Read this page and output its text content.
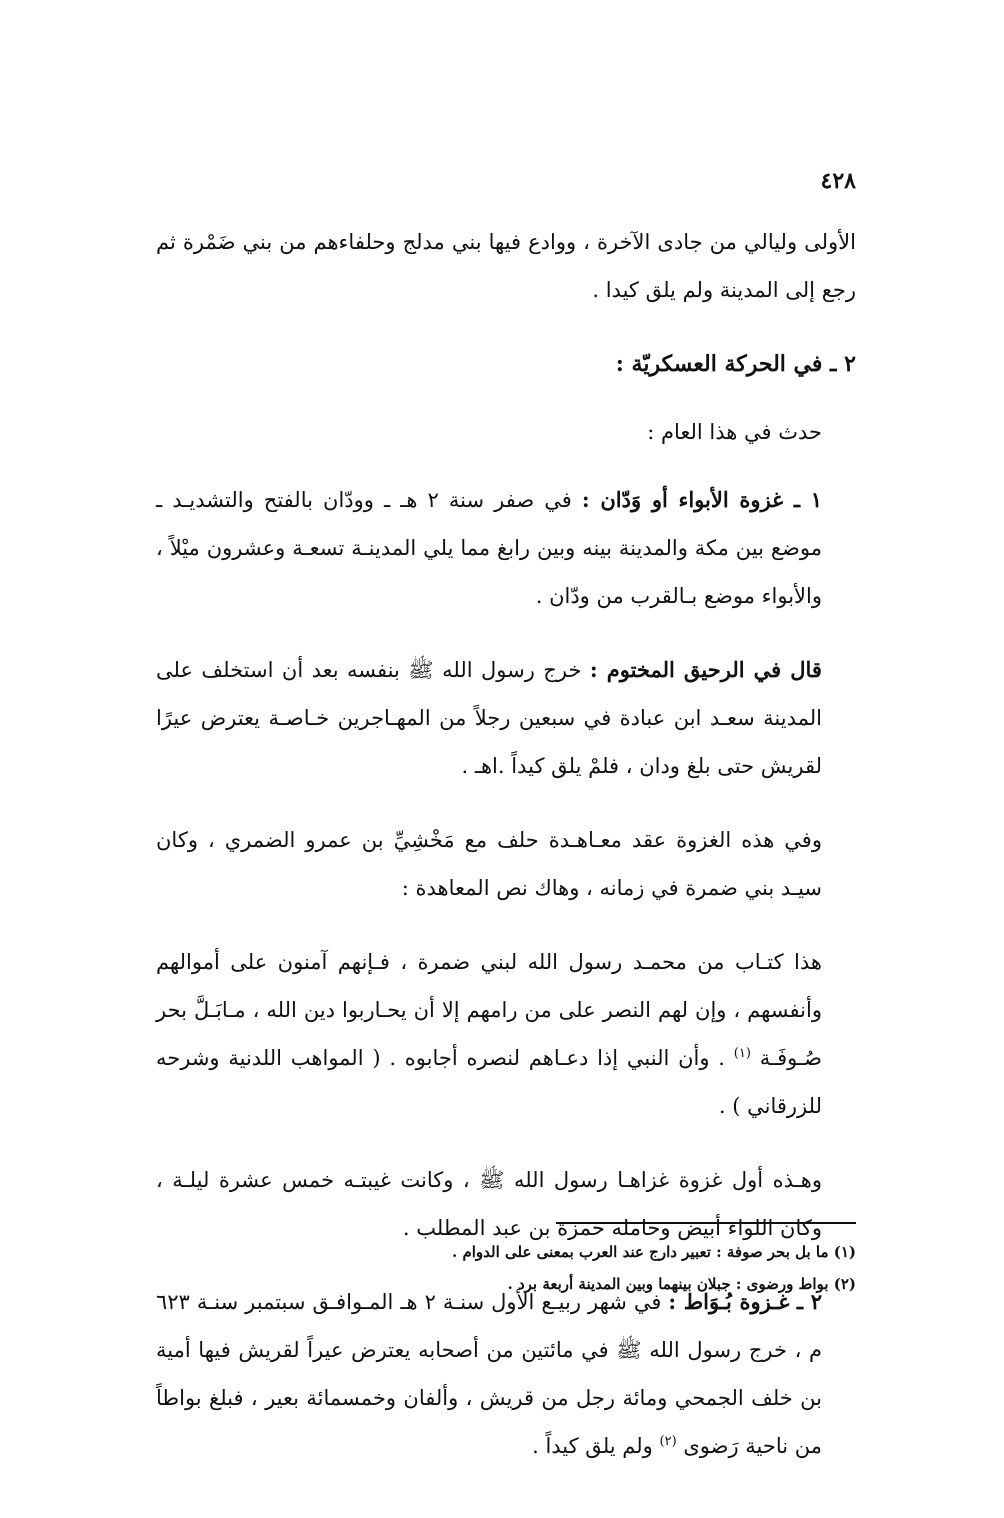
٤٢٨

الأولى وليالي من جادى الآخرة ، ووادع فيها بني مدلج وحلفاءهم من بني ضَمْرة ثم رجع إلى المدينة ولم يلق كيدا .

٢ ـ في الحركة العسكريّة :

حدث في هذا العام :

١ ـ غزوة الأبواء أو وَدّان : في صفر سنة ٢ هـ ـ وودّان بالفتح والتشديـد ـ موضع بين مكة والمدينة بينه وبين رابغ مما يلي المدينـة تسعـة وعشرون ميْلاً ، والأبواء موضع بـالقرب من ودّان .

قال في الرحيق المختوم : خرج رسول الله ﷺ بنفسه بعد أن استخلف على المدينة سعـد ابن عبادة في سبعين رجلاً من المهـاجرين خـاصـة يعترض عيرًا لقريش حتى بلغ ودان ، فلمْ يلق كيداً .اهـ .

وفي هذه الغزوة عقد معـاهـدة حلف مع مَخْشِيِّ بن عمرو الضمري ، وكان سيـد بني ضمرة في زمانه ، وهاك نص المعاهدة :

هذا كتـاب من محمـد رسول الله لبني ضمرة ، فـإنهم آمنون على أموالهم وأنفسهم ، وإن لهم النصر على من رامهم إلا أن يحـاربوا دين الله ، مـابَـلَّ بحر صُـوفَـة $^{(١)}$ . وأن النبي إذا دعـاهم لنصره أجابوه . ( المواهب اللدنية وشرحه للزرقاني ) .

وهـذه أول غزوة غزاهـا رسول الله ﷺ ، وكانت غيبتـه خمس عشرة ليلـة ، وكان اللواء أبيض وحامله حمزة بن عبد المطلب .

٢ ـ غـزوة بُـوَاط : في شهر ربيـع الأول سنـة ٢ هـ المـوافـق سبتمبر سنـة ٦٢٣ م ، خرج رسول الله ﷺ في مائتين من أصحابه يعترض عيراً لقريش فيها أمية بن خلف الجمحي ومائة رجل من قريش ، وألفان وخمسمائة بعير ، فبلغ بواطاً من ناحية رَضوى $^{(٢)}$ ولم يلق كيداً .

(١) ما بل بحر صوفة : تعبير دارج عند العرب بمعنى على الدوام .

(٢) بواط ورضوى : جبلان بينهما وبين المدينة أربعة برد .
